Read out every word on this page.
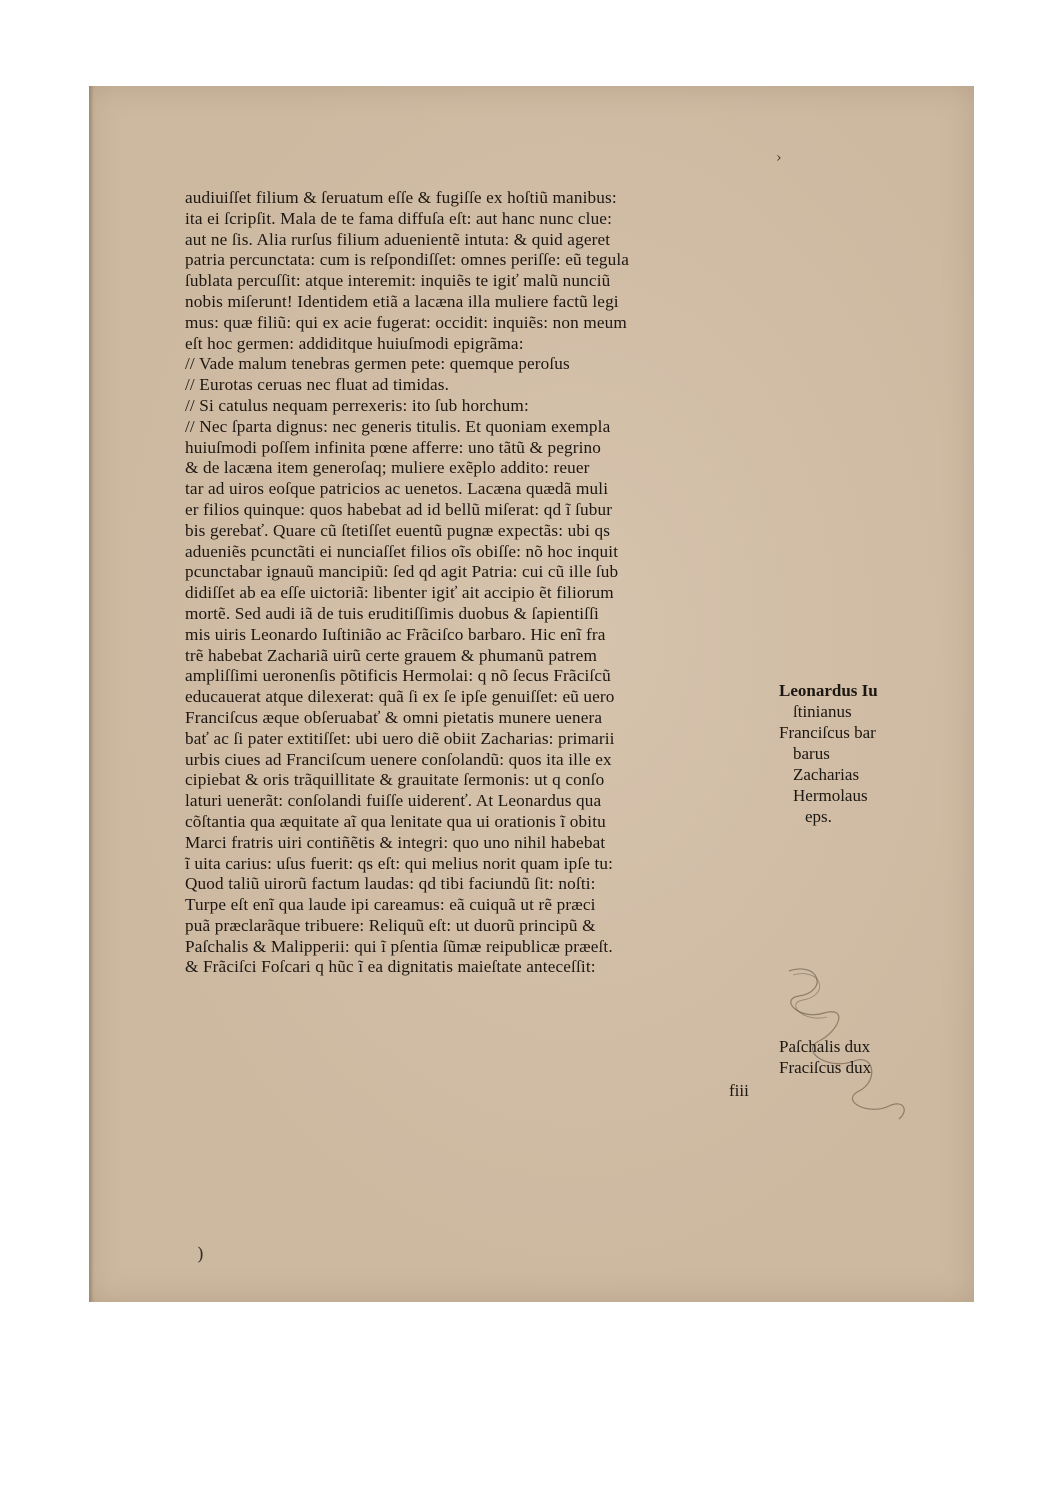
›
audiuiſſet filium & ſeruatum eſſe & fugiſſe ex hoſtiũ manibus:
ita ei ſcripſit. Mala de te fama diffuſa eſt: aut hanc nunc clue:
aut ne ſis. Alia rurſus filium aduenientẽ intuta: & quid ageret
patria percunctata: cum is reſpondiſſet: omnes periſſe: eũ tegula
ſublata percuſſit: atque interemit: inquiẽs te igiť malũ nunciũ
nobis miſerunt! Identidem etiã a lacæna illa muliere factũ legi
mus: quæ filiũ: qui ex acie fugerat: occidit: inquiẽs: non meum
eſt hoc germen: addiditque huiuſmodi epigrãma:
// Vade malum tenebras germen pete: quemque peroſus
// Eurotas ceruas nec fluat ad timidas.
// Si catulus nequam perrexeris: ito ſub horchum:
// Nec ſparta dignus: nec generis titulis. Et quoniam exempla
huiuſmodi poſſem infinita pœne afferre: uno tãtũ & pegrino
& de lacæna item generoſaq; muliere exẽplo addito: reuer
tar ad uiros eoſque patricios ac uenetos. Lacæna quædã muli
er filios quinque: quos habebat ad id bellũ miſerat: qd ĩ ſubur
bis gerebať. Quare cũ ſtetiſſet euentũ pugnæ expectãs: ubi qs
adueniẽs pcunctãti ei nunciaſſet filios oĩs obiſſe: nõ hoc inquit
pcunctabar ignauũ mancipiũ: ſed qd agit Patria: cui cũ ille ſub
didiſſet ab ea eſſe uictoriã: libenter igiť ait accipio ẽt filiorum
mortẽ. Sed audi iã de tuis eruditiſſimis duobus & ſapientiſſi
mis uiris Leonardo Iuſtinião ac Frãciſco barbaro. Hic enĩ fra
trẽ habebat Zachariã uirũ certe grauem & phumanũ patrem
ampliſſimi ueronenſis põtificis Hermolai: q nõ ſecus Frãciſcũ
educauerat atque dilexerat: quã ſi ex ſe ipſe genuiſſet: eũ uero
Franciſcus æque obſeruabať & omni pietatis munere uenera
bať ac ſi pater extitiſſet: ubi uero diẽ obiit Zacharias: primarii
urbis ciues ad Franciſcum uenere conſolandũ: quos ita ille ex
cipiebat & oris trãquillitate & grauitate ſermonis: ut q conſo
laturi uenerãt: conſolandi fuiſſe uiderenť. At Leonardus qua
cõſtantia qua æquitate aĩ qua lenitate qua ui orationis ĩ obitu
Marci fratris uiri contiñẽtis & integri: quo uno nihil habebat
ĩ uita carius: uſus fuerit: qs eſt: qui melius norit quam ipſe tu:
Quod taliũ uirorũ factum laudas: qd tibi faciundũ ſit: noſti:
Turpe eſt enĩ qua laude ipi careamus: eã cuiquã ut rẽ præci
puã præclarãque tribuere: Reliquũ eſt: ut duorũ principũ &
Paſchalis & Malipperii: qui ĩ pſentia ſũmæ reipublicæ præeſt.
& Frãciſci Foſcari q hũc ĩ ea dignitatis maieſtate anteceſſit:
Leonardus Iu
ſtinianus
Franciſcus bar
barus
Zacharias
Hermolaus
eps.
Paſchalis dux
Fraciſcus dux
fiii
)
